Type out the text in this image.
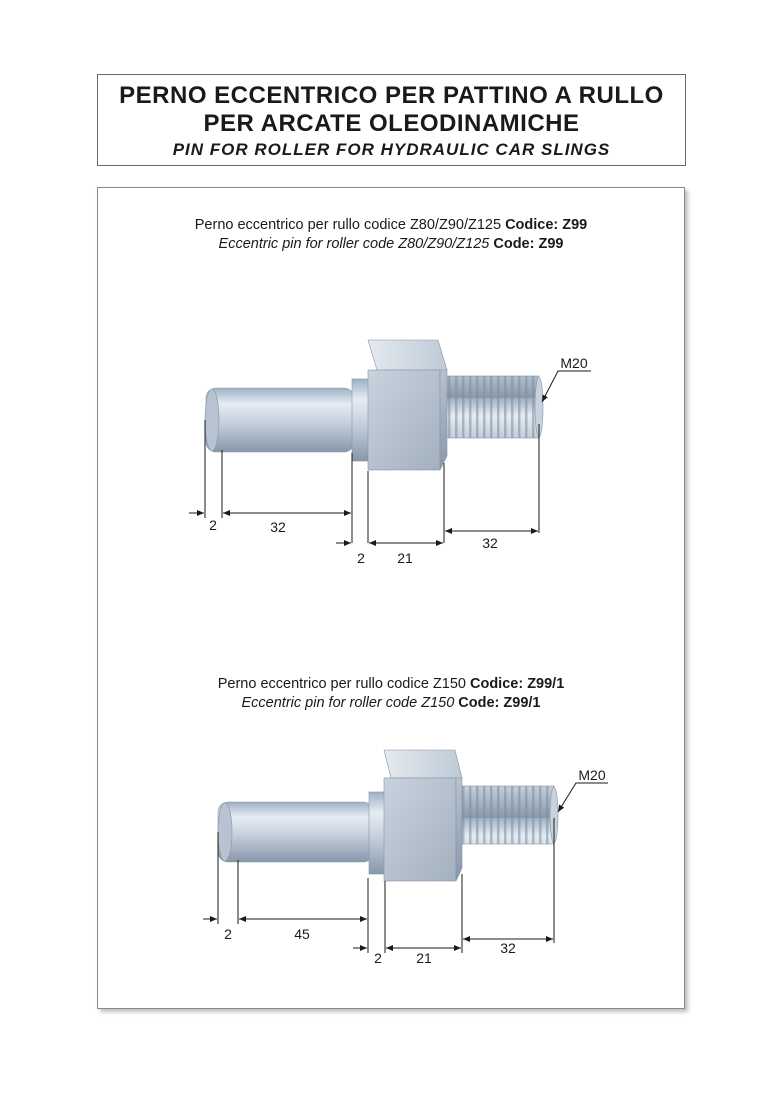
PERNO ECCENTRICO PER PATTINO A RULLO
PER ARCATE OLEODINAMICHE
PIN FOR ROLLER FOR HYDRAULIC CAR SLINGS
Perno eccentrico per rullo codice Z80/Z90/Z125 Codice: Z99
Eccentric pin for roller code Z80/Z90/Z125 Code: Z99
Perno eccentrico per rullo codice Z150 Codice: Z99/1
Eccentric pin for roller code Z150 Code: Z99/1
2	32
2 21
32
M20
2	45
2 21
32
M20
